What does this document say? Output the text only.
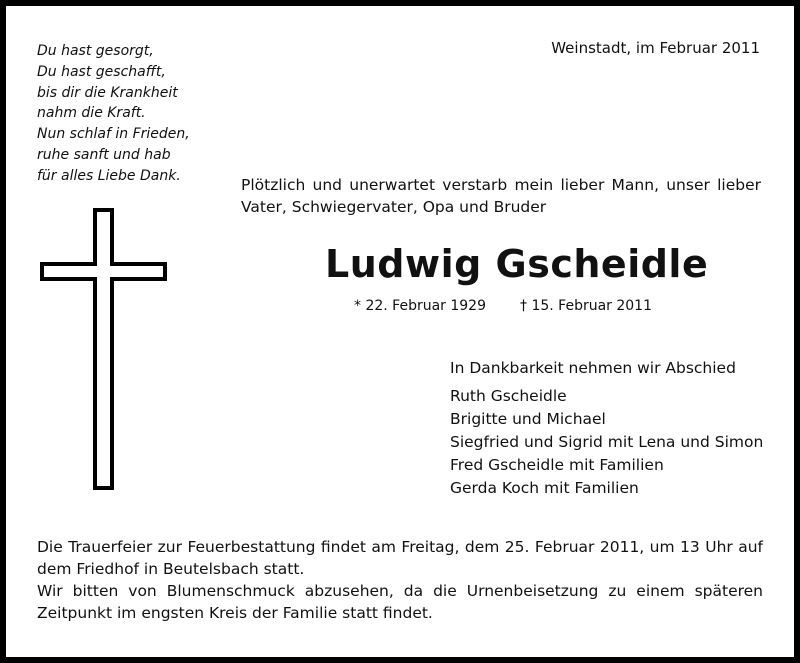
Du hast gesorgt,
Du hast geschafft,
bis dir die Krankheit
nahm die Kraft.
Nun schlaf in Frieden,
ruhe sanft und hab
für alles Liebe Dank.
Weinstadt, im Februar 2011
Plötzlich und unerwartet verstarb mein lieber Mann, unser lieber Vater, Schwiegervater, Opa und Bruder
Ludwig Gscheidle
* 22. Februar 1929 † 15. Februar 2011
In Dankbarkeit nehmen wir Abschied
Ruth Gscheidle
Brigitte und Michael
Siegfried und Sigrid mit Lena und Simon
Fred Gscheidle mit Familien
Gerda Koch mit Familien

Die Trauerfeier zur Feuerbestattung findet am Freitag, dem 25. Februar 2011, um 13 Uhr auf dem Friedhof in Beutelsbach statt.

Wir bitten von Blumenschmuck abzusehen, da die Urnenbeisetzung zu einem späteren Zeitpunkt im engsten Kreis der Familie statt findet.
